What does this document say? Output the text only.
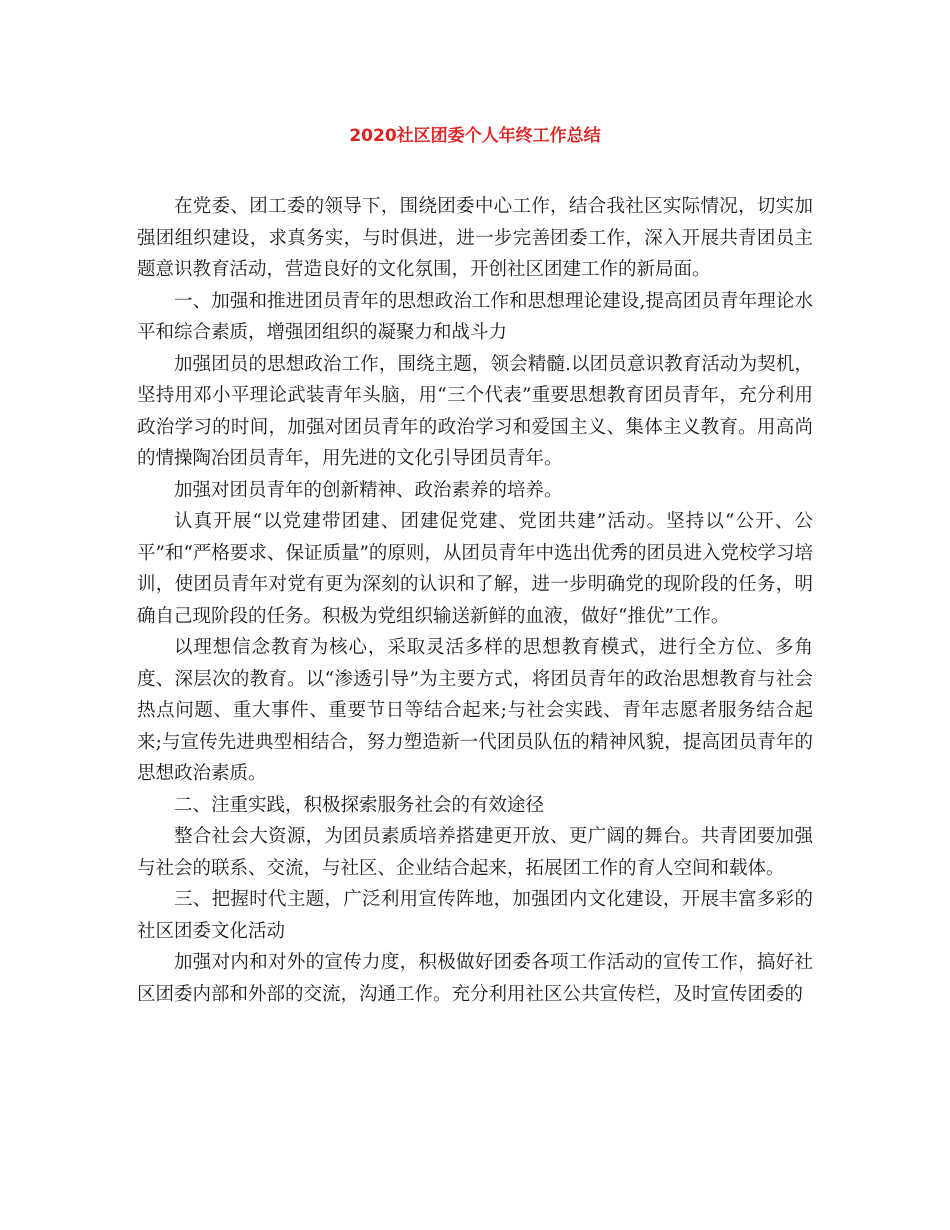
2020社区团委个人年终工作总结

在党委、团工委的领导下，围绕团委中心工作，结合我社区实际情况，切实加强团组织建设，求真务实，与时俱进，进一步完善团委工作，深入开展共青团员主题意识教育活动，营造良好的文化氛围，开创社区团建工作的新局面。

一、加强和推进团员青年的思想政治工作和思想理论建设,提高团员青年理论水平和综合素质，增强团组织的凝聚力和战斗力

加强团员的思想政治工作，围绕主题，领会精髓.以团员意识教育活动为契机，坚持用邓小平理论武装青年头脑，用“三个代表”重要思想教育团员青年，充分利用政治学习的时间，加强对团员青年的政治学习和爱国主义、集体主义教育。用高尚的情操陶冶团员青年，用先进的文化引导团员青年。

加强对团员青年的创新精神、政治素养的培养。

认真开展“以党建带团建、团建促党建、党团共建”活动。坚持以“公开、公平”和“严格要求、保证质量”的原则，从团员青年中选出优秀的团员进入党校学习培训，使团员青年对党有更为深刻的认识和了解，进一步明确党的现阶段的任务，明确自己现阶段的任务。积极为党组织输送新鲜的血液，做好“推优”工作。

以理想信念教育为核心，采取灵活多样的思想教育模式，进行全方位、多角度、深层次的教育。以“渗透引导”为主要方式，将团员青年的政治思想教育与社会热点问题、重大事件、重要节日等结合起来;与社会实践、青年志愿者服务结合起来;与宣传先进典型相结合，努力塑造新一代团员队伍的精神风貌，提高团员青年的思想政治素质。

二、注重实践，积极探索服务社会的有效途径

整合社会大资源，为团员素质培养搭建更开放、更广阔的舞台。共青团要加强与社会的联系、交流，与社区、企业结合起来，拓展团工作的育人空间和载体。

三、把握时代主题，广泛利用宣传阵地，加强团内文化建设，开展丰富多彩的社区团委文化活动

加强对内和对外的宣传力度，积极做好团委各项工作活动的宣传工作，搞好社区团委内部和外部的交流，沟通工作。充分利用社区公共宣传栏，及时宣传团委的
